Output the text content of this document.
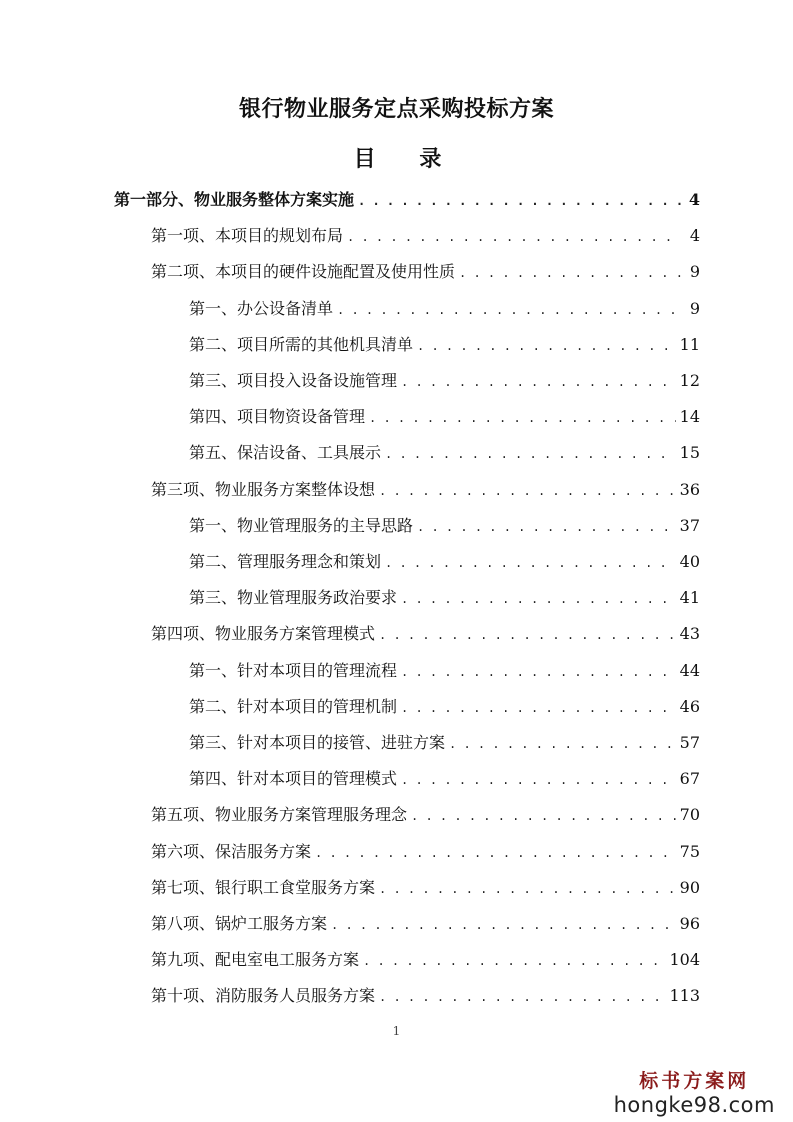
银行物业服务定点采购投标方案
目 录
第一部分、物业服务整体方案实施 . . .	4
第一项、本项目的规划布局 . . .	4
第二项、本项目的硬件设施配置及使用性质 . . .	9
第一、办公设备清单 . . .	9
第二、项目所需的其他机具清单 . . .	11
第三、项目投入设备设施管理 . . .	12
第四、项目物资设备管理 . . .	14
第五、保洁设备、工具展示 . . .	15
第三项、物业服务方案整体设想 . . .	36
第一、物业管理服务的主导思路 . . .	37
第二、管理服务理念和策划 . . .	40
第三、物业管理服务政治要求 . . .	41
第四项、物业服务方案管理模式 . . .	43
第一、针对本项目的管理流程 . . .	44
第二、针对本项目的管理机制 . . .	46
第三、针对本项目的接管、进驻方案 . . .	57
第四、针对本项目的管理模式 . . .	67
第五项、物业服务方案管理服务理念 . . .	70
第六项、保洁服务方案 . . .	75
第七项、银行职工食堂服务方案 . . .	90
第八项、锅炉工服务方案 . . .	96
第九项、配电室电工服务方案 . . .	104
第十项、消防服务人员服务方案 . . .	113
1
标书方案网
hongke98.com
